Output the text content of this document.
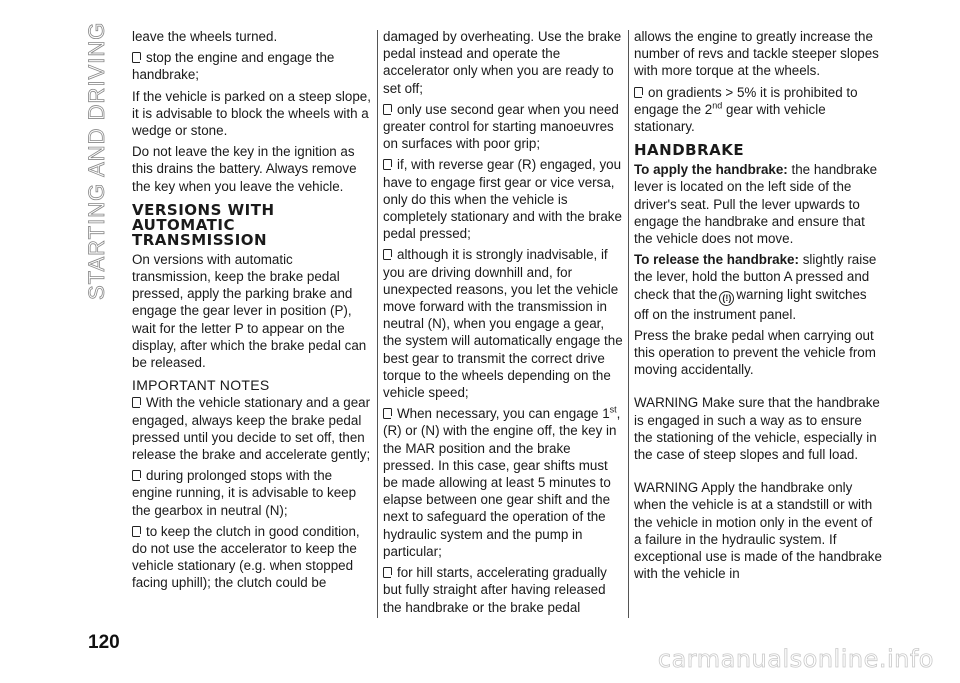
STARTING AND DRIVING
120

leave the wheels turned.

stop the engine and engage the handbrake;

If the vehicle is parked on a steep slope, it is advisable to block the wheels with a wedge or stone.

Do not leave the key in the ignition as this drains the battery. Always remove the key when you leave the vehicle.

VERSIONS WITH AUTOMATIC TRANSMISSION

On versions with automatic transmission, keep the brake pedal pressed, apply the parking brake and engage the gear lever in position (P), wait for the letter P to appear on the display, after which the brake pedal can be released.

IMPORTANT NOTES

With the vehicle stationary and a gear engaged, always keep the brake pedal pressed until you decide to set off, then release the brake and accelerate gently;

during prolonged stops with the engine running, it is advisable to keep the gearbox in neutral (N);

to keep the clutch in good condition, do not use the accelerator to keep the vehicle stationary (e.g. when stopped facing uphill); the clutch could be

damaged by overheating. Use the brake pedal instead and operate the accelerator only when you are ready to set off;

only use second gear when you need greater control for starting manoeuvres on surfaces with poor grip;

if, with reverse gear (R) engaged, you have to engage first gear or vice versa, only do this when the vehicle is completely stationary and with the brake pedal pressed;

although it is strongly inadvisable, if you are driving downhill and, for unexpected reasons, you let the vehicle move forward with the transmission in neutral (N), when you engage a gear, the system will automatically engage the best gear to transmit the correct drive torque to the wheels depending on the vehicle speed;

When necessary, you can engage 1st, (R) or (N) with the engine off, the key in the MAR position and the brake pressed. In this case, gear shifts must be made allowing at least 5 minutes to elapse between one gear shift and the next to safeguard the operation of the hydraulic system and the pump in particular;

for hill starts, accelerating gradually but fully straight after having released the handbrake or the brake pedal

allows the engine to greatly increase the number of revs and tackle steeper slopes with more torque at the wheels.

on gradients > 5% it is prohibited to engage the 2nd gear with vehicle stationary.

HANDBRAKE

To apply the handbrake: the handbrake lever is located on the left side of the driver's seat. Pull the lever upwards to engage the handbrake and ensure that the vehicle does not move.

To release the handbrake: slightly raise the lever, hold the button A pressed and check that the (!) warning light switches off on the instrument panel.

Press the brake pedal when carrying out this operation to prevent the vehicle from moving accidentally.

WARNING Make sure that the handbrake is engaged in such a way as to ensure the stationing of the vehicle, especially in the case of steep slopes and full load.

WARNING Apply the handbrake only when the vehicle is at a standstill or with the vehicle in motion only in the event of a failure in the hydraulic system. If exceptional use is made of the handbrake with the vehicle in

carmanualsonline.info
